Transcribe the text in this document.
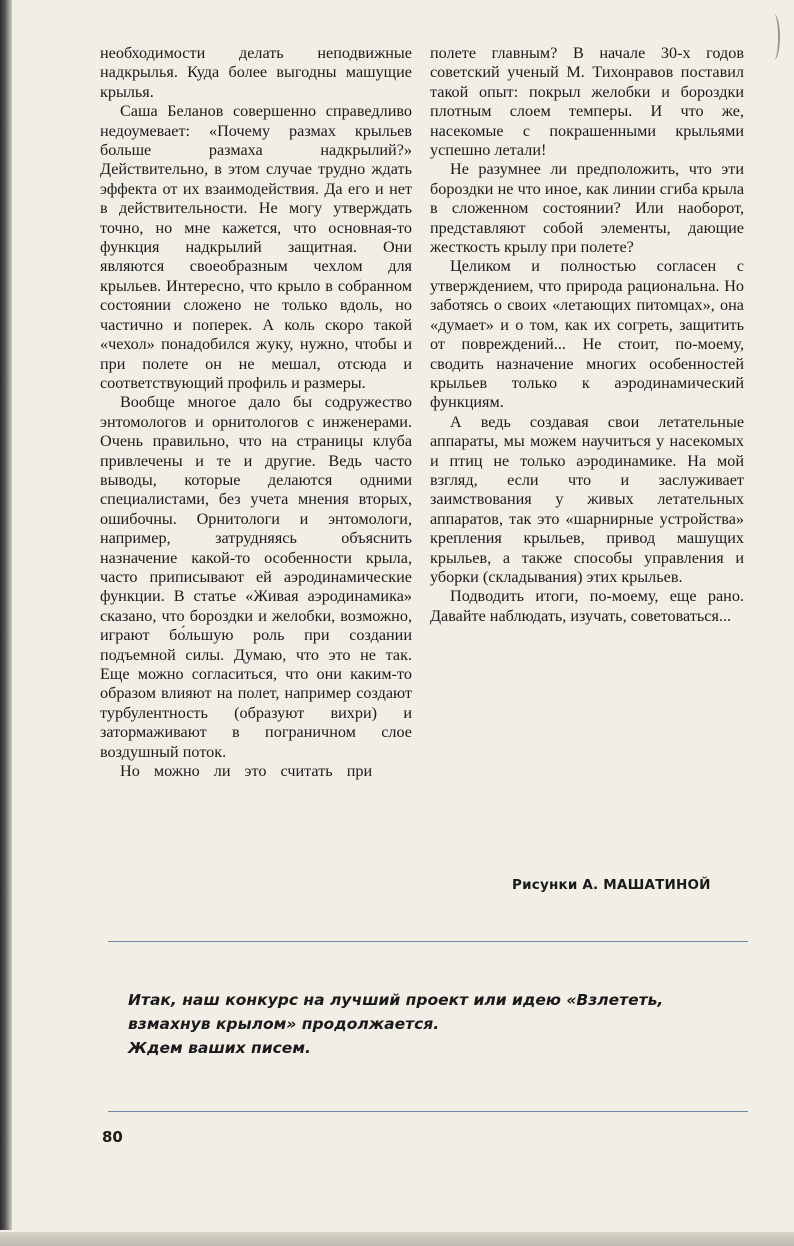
необходимости делать неподвижные надкрылья. Куда более выгодны машущие крылья.

Саша Беланов совершенно справедливо недоумевает: «Почему размах крыльев больше размаха надкрылий?» Действительно, в этом случае трудно ждать эффекта от их взаимодействия. Да его и нет в действительности. Не могу утверждать точно, но мне кажется, что основная-то функция надкрылий защитная. Они являются своеобразным чехлом для крыльев. Интересно, что крыло в собранном состоянии сложено не только вдоль, но частично и поперек. А коль скоро такой «чехол» понадобился жуку, нужно, чтобы и при полете он не мешал, отсюда и соответствующий профиль и размеры.

Вообще многое дало бы содружество энтомологов и орнитологов с инженерами. Очень правильно, что на страницы клуба привлечены и те и другие. Ведь часто выводы, которые делаются одними специалистами, без учета мнения вторых, ошибочны. Орнитологи и энтомологи, например, затрудняясь объяснить назначение какой-то особенности крыла, часто приписывают ей аэродинамические функции. В статье «Живая аэродинамика» сказано, что бороздки и желобки, возможно, играют бо́льшую роль при создании подъемной силы. Думаю, что это не так. Еще можно согласиться, что они каким-то образом влияют на полет, например создают турбулентность (образуют вихри) и затормаживают в пограничном слое воздушный поток.

Но можно ли это считать при

полете главным? В начале 30-х годов советский ученый М. Тихонравов поставил такой опыт: покрыл желобки и бороздки плотным слоем темперы. И что же, насекомые с покрашенными крыльями успешно летали!

Не разумнее ли предположить, что эти бороздки не что иное, как линии сгиба крыла в сложенном состоянии? Или наоборот, представляют собой элементы, дающие жесткость крылу при полете?

Целиком и полностью согласен с утверждением, что природа рациональна. Но заботясь о своих «летающих питомцах», она «думает» и о том, как их согреть, защитить от повреждений... Не стоит, по-моему, сводить назначение многих особенностей крыльев только к аэродинамический функциям.

А ведь создавая свои летательные аппараты, мы можем научиться у насекомых и птиц не только аэродинамике. На мой взгляд, если что и заслуживает заимствования у живых летательных аппаратов, так это «шарнирные устройства» крепления крыльев, привод машущих крыльев, а также способы управления и уборки (складывания) этих крыльев.

Подводить итоги, по-моему, еще рано. Давайте наблюдать, изучать, советоваться...

Рисунки А. МАШАТИНОЙ

Итак, наш конкурс на лучший проект или идею «Взлететь, взмахнув крылом» продолжается.

Ждем ваших писем.

80
